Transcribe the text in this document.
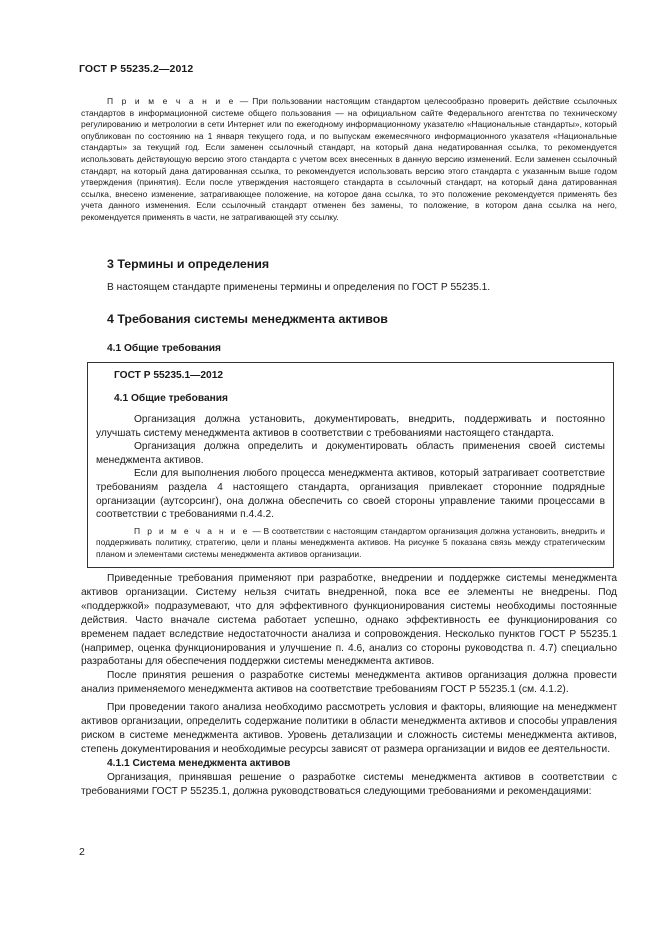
ГОСТ Р 55235.2—2012
П р и м е ч а н и е — При пользовании настоящим стандартом целесообразно проверить действие ссылочных стандартов в информационной системе общего пользования — на официальном сайте Федерального агентства по техническому регулированию и метрологии в сети Интернет или по ежегодному информационному указателю «Национальные стандарты», который опубликован по состоянию на 1 января текущего года, и по выпускам ежемесячного информационного указателя «Национальные стандарты» за текущий год. Если заменен ссылочный стандарт, на который дана недатированная ссылка, то рекомендуется использовать действующую версию этого стандарта с учетом всех внесенных в данную версию изменений. Если заменен ссылочный стандарт, на который дана датированная ссылка, то рекомендуется использовать версию этого стандарта с указанным выше годом утверждения (принятия). Если после утверждения настоящего стандарта в ссылочный стандарт, на который дана датированная ссылка, внесено изменение, затрагивающее положение, на которое дана ссылка, то это положение рекомендуется применять без учета данного изменения. Если ссылочный стандарт отменен без замены, то положение, в котором дана ссылка на него, рекомендуется применять в части, не затрагивающей эту ссылку.
3 Термины и определения

В настоящем стандарте применены термины и определения по ГОСТ Р 55235.1.

4 Требования системы менеджмента активов
4.1 Общие требования
ГОСТ Р 55235.1—2012
4.1 Общие требования

Организация должна установить, документировать, внедрить, поддерживать и постоянно улучшать систему менеджмента активов в соответствии с требованиями настоящего стандарта.

Организация должна определить и документировать область применения своей системы менеджмента активов.

Если для выполнения любого процесса менеджмента активов, который затрагивает соответствие требованиям раздела 4 настоящего стандарта, организация привлекает сторонние подрядные организации (аутсорсинг), она должна обеспечить со своей стороны управление такими процессами в соответствии с требованиями п.4.4.2.

П р и м е ч а н и е — В соответствии с настоящим стандартом организация должна установить, внедрить и поддерживать политику, стратегию, цели и планы менеджмента активов. На рисунке 5 показана связь между стратегическим планом и элементами системы менеджмента активов организации.

Приведенные требования применяют при разработке, внедрении и поддержке системы менеджмента активов организации. Систему нельзя считать внедренной, пока все ее элементы не внедрены. Под «поддержкой» подразумевают, что для эффективного функционирования системы необходимы постоянные действия. Часто вначале система работает успешно, однако эффективность ее функционирования со временем падает вследствие недостаточности анализа и сопровождения. Несколько пунктов ГОСТ Р 55235.1 (например, оценка функционирования и улучшение п. 4.6, анализ со стороны руководства п. 4.7) специально разработаны для обеспечения поддержки системы менеджмента активов.

После принятия решения о разработке системы менеджмента активов организация должна провести анализ применяемого менеджмента активов на соответствие требованиям ГОСТ Р 55235.1 (см. 4.1.2).

При проведении такого анализа необходимо рассмотреть условия и факторы, влияющие на менеджмент активов организации, определить содержание политики в области менеджмента активов и способы управления риском в системе менеджмента активов. Уровень детализации и сложность системы менеджмента активов, степень документирования и необходимые ресурсы зависят от размера организации и видов ее деятельности.

4.1.1 Система менеджмента активов

Организация, принявшая решение о разработке системы менеджмента активов в соответствии с требованиями ГОСТ Р 55235.1, должна руководствоваться следующими требованиями и рекомендациями:

2
